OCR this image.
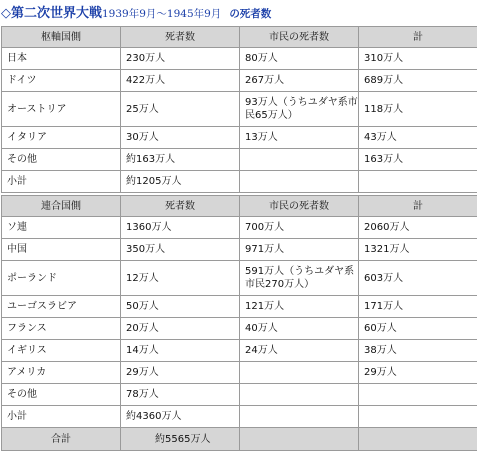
◇第二次世界大戦 1939年9月～1945年9月 の死者数
枢軸国側	死者数	市民の死者数	計
日本	230万人	80万人	310万人
ドイツ	422万人	267万人	689万人
オーストリア	25万人	93万人（うちユダヤ系市民65万人）	118万人
イタリア	30万人	13万人	43万人
その他	約163万人		163万人
小計	約1205万人		

連合国側	死者数	市民の死者数	計
ソ連	1360万人	700万人	2060万人
中国	350万人	971万人	1321万人
ポーランド	12万人	591万人（うちユダヤ系市民270万人）	603万人
ユーゴスラビア	50万人	121万人	171万人
フランス	20万人	40万人	60万人
イギリス	14万人	24万人	38万人
アメリカ	29万人		29万人
その他	78万人		
小計	約4360万人		
合計	約5565万人		
